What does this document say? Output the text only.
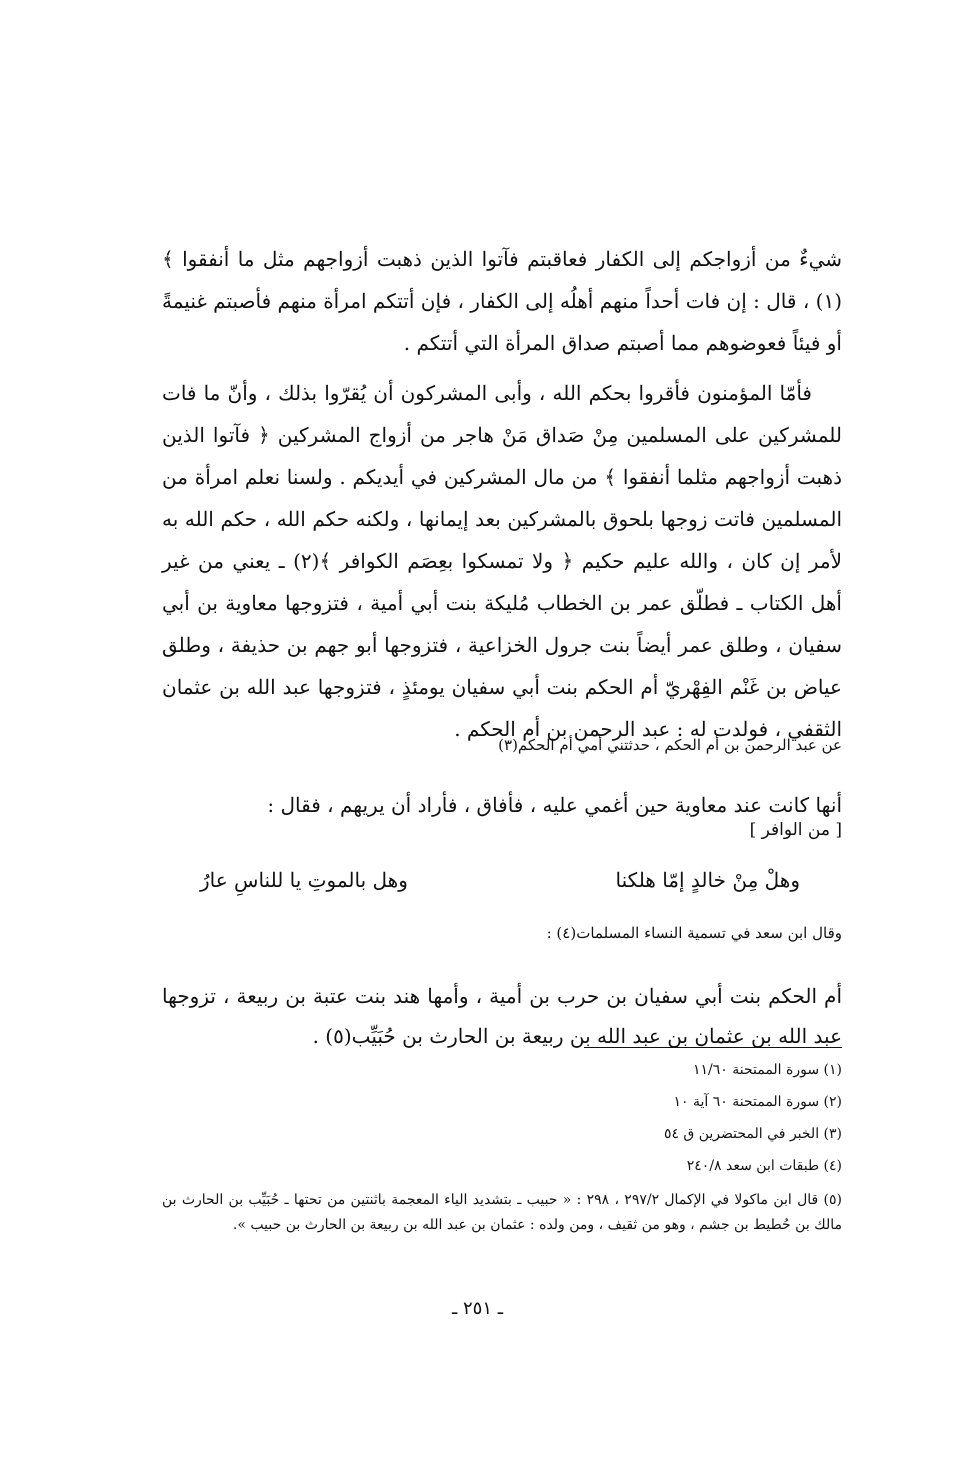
شيءٌ من أزواجكم إلى الكفار فعاقبتم فآتوا الذين ذهبت أزواجهم مثل ما أنفقوا ﴾(١) ، قال : إن فات أحداً منهم أهلُه إلى الكفار ، فإن أتتكم امرأة منهم فأصبتم غنيمةً أو فيئاً فعوضوهم مما أصبتم صداق المرأة التي أتتكم .

فأمّا المؤمنون فأقروا بحكم الله ، وأبى المشركون أن يُقرّوا بذلك ، وأنّ ما فات للمشركين على المسلمين مِنْ صَداق مَنْ هاجر من أزواج المشركين ﴿ فآتوا الذين ذهبت أزواجهم مثلما أنفقوا ﴾ من مال المشركين في أيديكم . ولسنا نعلم امرأة من المسلمين فاتت زوجها بلحوق بالمشركين بعد إيمانها ، ولكنه حكم الله ، حكم الله به لأمر إن كان ، والله عليم حكيم ﴿ ولا تمسكوا بعِصَم الكوافر ﴾(٢) ـ يعني من غير أهل الكتاب ـ فطلّق عمر بن الخطاب مُليكة بنت أبي أمية ، فتزوجها معاوية بن أبي سفيان ، وطلق عمر أيضاً بنت جرول الخزاعية ، فتزوجها أبو جهم بن حذيفة ، وطلق عياض بن غَنْم الفِهْريّ أم الحكم بنت أبي سفيان يومئذٍ ، فتزوجها عبد الله بن عثمان الثقفي ، فولدت له : عبد الرحمن بن أم الحكم .

عن عبد الرحمن بن أم الحكم ، حدثتني أمي أم الحكم(٣)

أنها كانت عند معاوية حين أغمي عليه ، فأفاق ، فأراد أن يريهم ، فقال :

[ من الوافر ]
وهلْ مِنْ خالدٍ إمّا هلكنا
وهل بالموتِ يا للناسِ عارُ
وقال ابن سعد في تسمية النساء المسلمات(٤) :

أم الحكم بنت أبي سفيان بن حرب بن أمية ، وأمها هند بنت عتبة بن ربيعة ، تزوجها عبد الله بن عثمان بن عبد الله بن ربيعة بن الحارث بن حُبَيِّب(٥) .

(١) سورة الممتحنة ١١/٦٠
(٢) سورة الممتحنة ٦٠ آية ١٠
(٣) الخبر في المحتضرين ق ٥٤
(٤) طبقات ابن سعد ٢٤٠/٨
(٥) قال ابن ماكولا في الإكمال ٢٩٧/٢ ، ٢٩٨ : « حبيب ـ بتشديد الياء المعجمة باثنتين من تحتها ـ حُبَيِّب بن الحارث بن مالك بن حُطيط بن جشم ، وهو من ثقيف ، ومن ولده : عثمان بن عبد الله بن ربيعة بن الحارث بن حبيب ».
ـ ٢٥١ ـ
